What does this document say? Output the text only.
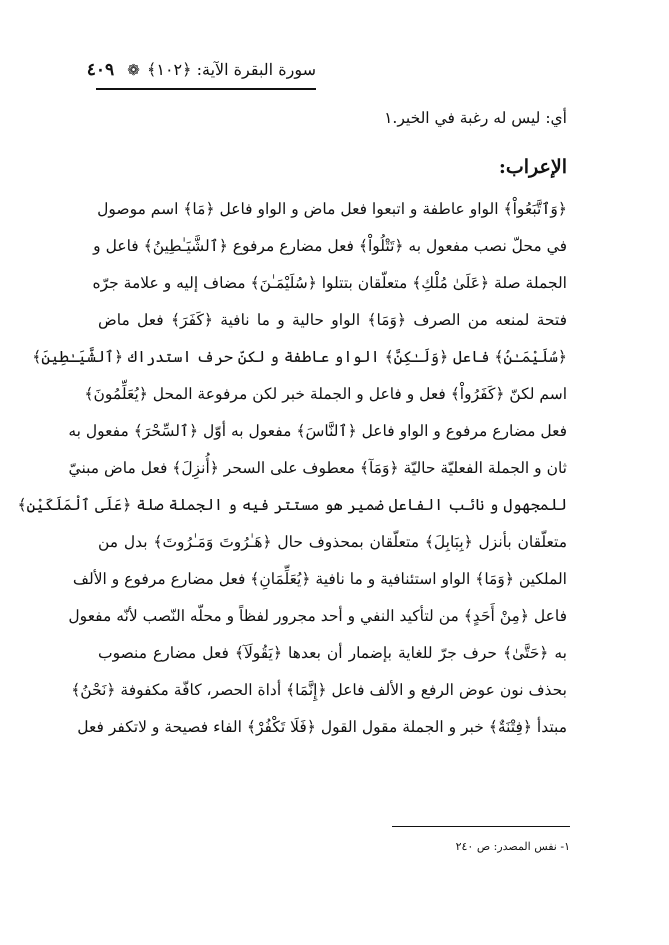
سورة البقرة الآية: ﴿١٠٢﴾ ❁ ٤٠٩
أي: ليس له رغبة في الخير.١
الإعراب:
﴿وَٱتَّبَعُواْ﴾ الواو عاطفة و اتبعوا فعل ماض و الواو فاعل ﴿مَا﴾ اسم موصول
في محلّ نصب مفعول به ﴿تَتْلُواْ﴾ فعل مضارع مرفوع ﴿ٱلشَّيَـٰطِينُ﴾ فاعل و
الجملة صلة ﴿عَلَىٰ مُلْكِ﴾ متعلّقان بتتلوا ﴿سُلَيْمَـٰنَ﴾ مضاف إليه و علامة جرّه
فتحة لمنعه من الصرف ﴿وَمَا﴾ الواو حالية و ما نافية ﴿كَفَرَ﴾ فعل ماض
﴿سُلَيْمَـٰنُ﴾ فاعل ﴿وَلَـٰكِنَّ﴾ الواو عاطفة و لكنّ حرف استدراك ﴿ٱلشَّيَـٰطِينَ﴾
اسم لكنّ ﴿كَفَرُواْ﴾ فعل و فاعل و الجملة خبر لكن مرفوعة المحل ﴿يُعَلِّمُونَ﴾
فعل مضارع مرفوع و الواو فاعل ﴿ٱلنَّاسَ﴾ مفعول به أوّل ﴿ٱلسِّحْرَ﴾ مفعول به
ثان و الجملة الفعليّة حاليّة ﴿وَمَآ﴾ معطوف على السحر ﴿أُنزِلَ﴾ فعل ماض مبنيّ
للمجهول و نائب الفاعل ضمير هو مستتر فيه و الجملة صلة ﴿عَلَى ٱلْمَلَكَيْنِ﴾
متعلّقان بأنزل ﴿بِبَابِلَ﴾ متعلّقان بمحذوف حال ﴿هَـٰرُوتَ وَمَـٰرُوتَ﴾ بدل من
الملكين ﴿وَمَا﴾ الواو استئنافية و ما نافية ﴿يُعَلِّمَانِ﴾ فعل مضارع مرفوع و الألف
فاعل ﴿مِنْ أَحَدٍ﴾ من لتأكيد النفي و أحد مجرور لفظاً و محلّه النّصب لأنّه مفعول
به ﴿حَتَّىٰ﴾ حرف جرّ للغاية بإضمار أن بعدها ﴿يَقُولَآ﴾ فعل مضارع منصوب
بحذف نون عوض الرفع و الألف فاعل ﴿إِنَّمَا﴾ أداة الحصر، كافّة مكفوفة ﴿نَحْنُ﴾
مبتدأ ﴿فِتْنَةٌ﴾ خبر و الجملة مقول القول ﴿فَلَا تَكْفُرْ﴾ الفاء فصيحة و لاتكفر فعل
١- نفس المصدر: ص ٢٤٠
